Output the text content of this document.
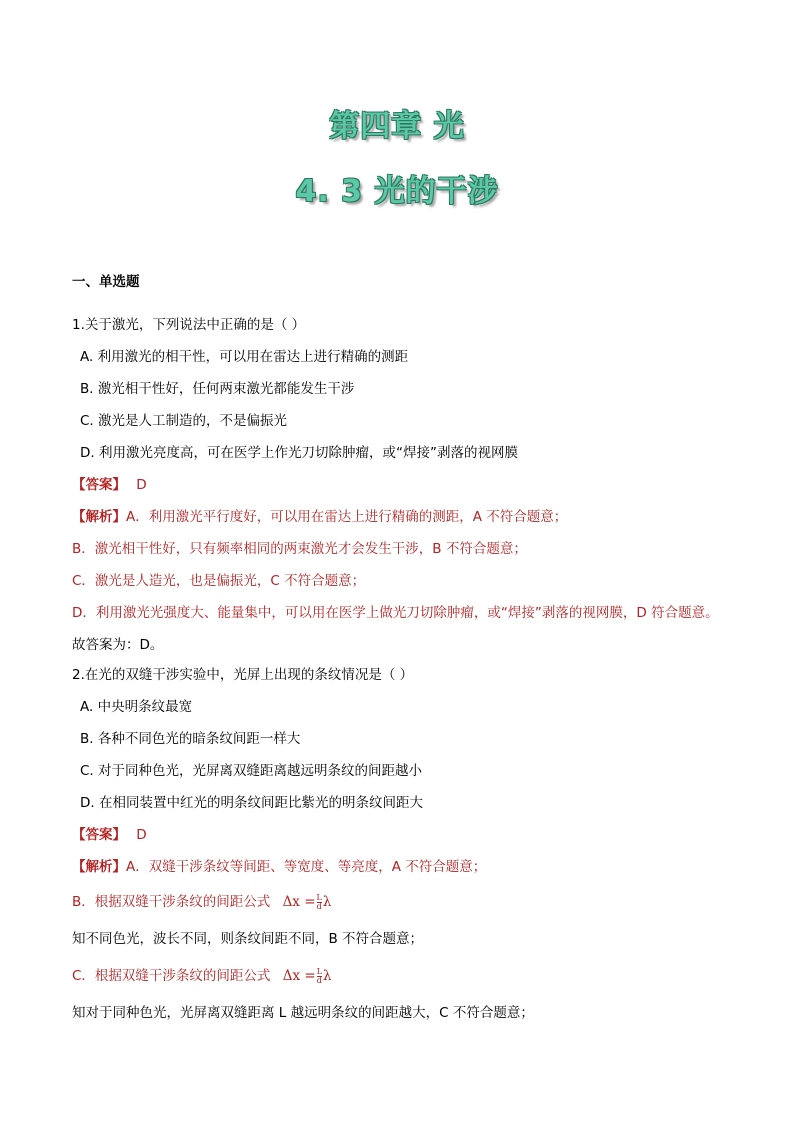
第四章 光
4. 3 光的干涉
一、单选题
1.关于激光，下列说法中正确的是（ ）
A. 利用激光的相干性，可以用在雷达上进行精确的测距
B. 激光相干性好，任何两束激光都能发生干涉
C. 激光是人工制造的，不是偏振光
D. 利用激光亮度高，可在医学上作光刀切除肿瘤，或“焊接”剥落的视网膜
【答案】 D
【解析】A．利用激光平行度好，可以用在雷达上进行精确的测距，A 不符合题意；
B．激光相干性好，只有频率相同的两束激光才会发生干涉，B 不符合题意；
C．激光是人造光，也是偏振光，C 不符合题意；
D．利用激光光强度大、能量集中，可以用在医学上做光刀切除肿瘤，或“焊接”剥落的视网膜，D 符合题意。
故答案为：D。
2.在光的双缝干涉实验中，光屏上出现的条纹情况是（ ）
A. 中央明条纹最宽
B. 各种不同色光的暗条纹间距一样大
C. 对于同种色光，光屏离双缝距离越远明条纹的间距越小
D. 在相同装置中红光的明条纹间距比紫光的明条纹间距大
【答案】 D
【解析】A．双缝干涉条纹等间距、等宽度、等亮度，A 不符合题意；
B．根据双缝干涉条纹的间距公式 $\Delta x = \frac{L}{d}$ λ
知不同色光，波长不同，则条纹间距不同，B 不符合题意；
C．根据双缝干涉条纹的间距公式 $\Delta x = \frac{L}{d}$ λ
知对于同种色光，光屏离双缝距离 L 越远明条纹的间距越大，C 不符合题意；
